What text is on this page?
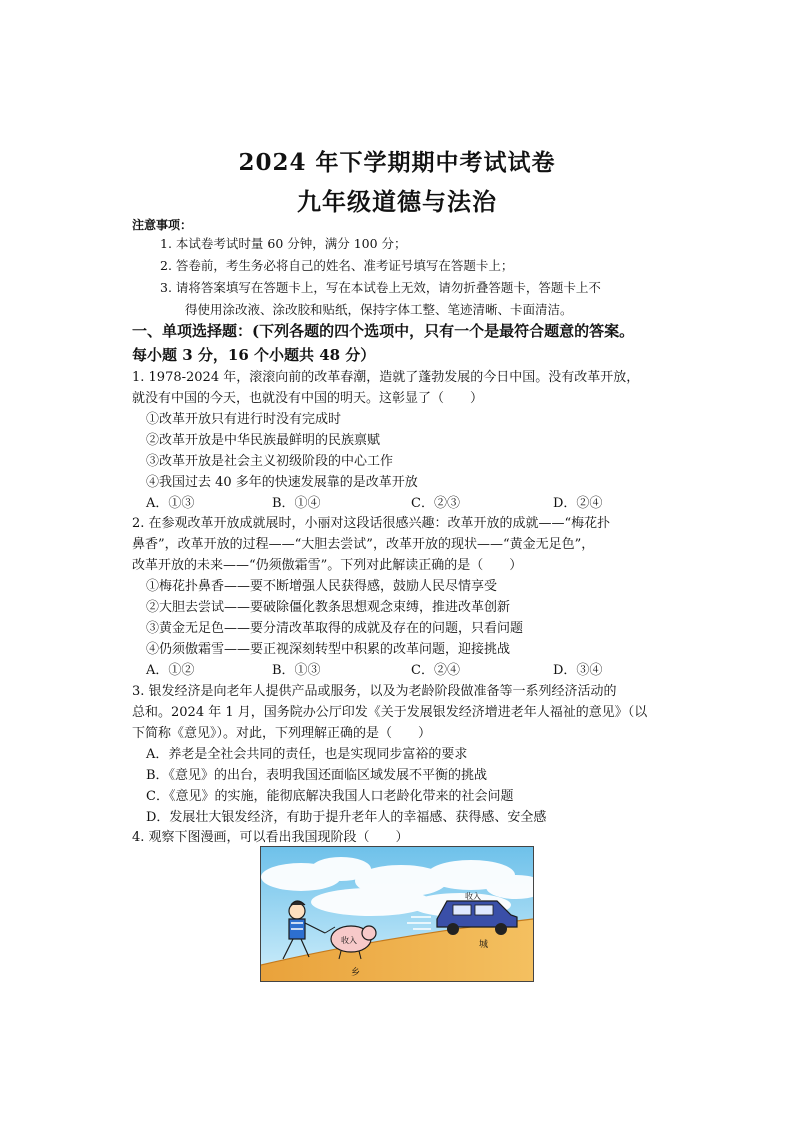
2024 年下学期期中考试试卷
九年级道德与法治
注意事项：
1. 本试卷考试时量 60 分钟，满分 100 分；
2. 答卷前，考生务必将自己的姓名、准考证号填写在答题卡上；
3. 请将答案填写在答题卡上，写在本试卷上无效，请勿折叠答题卡，答题卡上不
得使用涂改液、涂改胶和贴纸，保持字体工整、笔迹清晰、卡面清洁。
一、单项选择题：(下列各题的四个选项中，只有一个是最符合题意的答案。
每小题 3 分，16 个小题共 48 分）
1. 1978-2024 年，滚滚向前的改革春潮，造就了蓬勃发展的今日中国。没有改革开放，
就没有中国的今天，也就没有中国的明天。这彰显了（　　）
①改革开放只有进行时没有完成时
②改革开放是中华民族最鲜明的民族禀赋
③改革开放是社会主义初级阶段的中心工作
④我国过去 40 多年的快速发展靠的是改革开放
A．①③	B．①④	C．②③	D．②④
2. 在参观改革开放成就展时，小丽对这段话很感兴趣：改革开放的成就——“梅花扑
鼻香”，改革开放的过程——“大胆去尝试”，改革开放的现状——“黄金无足色”，
改革开放的未来——“仍须傲霜雪”。下列对此解读正确的是（　　）
①梅花扑鼻香——要不断增强人民获得感，鼓励人民尽情享受
②大胆去尝试——要破除僵化教条思想观念束缚，推进改革创新
③黄金无足色——要分清改革取得的成就及存在的问题，只看问题
④仍须傲霜雪——要正视深刻转型中积累的改革问题，迎接挑战
A．①②	B．①③	C．②④	D．③④
3. 银发经济是向老年人提供产品或服务，以及为老龄阶段做准备等一系列经济活动的
总和。2024 年 1 月，国务院办公厅印发《关于发展银发经济增进老年人福祉的意见》（以
下简称《意见》）。对此，下列理解正确的是（　　）
A．养老是全社会共同的责任，也是实现同步富裕的要求
B．《意见》的出台，表明我国还面临区域发展不平衡的挑战
C．《意见》的实施，能彻底解决我国人口老龄化带来的社会问题
D．发展壮大银发经济，有助于提升老年人的幸福感、获得感、安全感
4. 观察下图漫画，可以看出我国现阶段（　　）
收入
乡
收入
城
